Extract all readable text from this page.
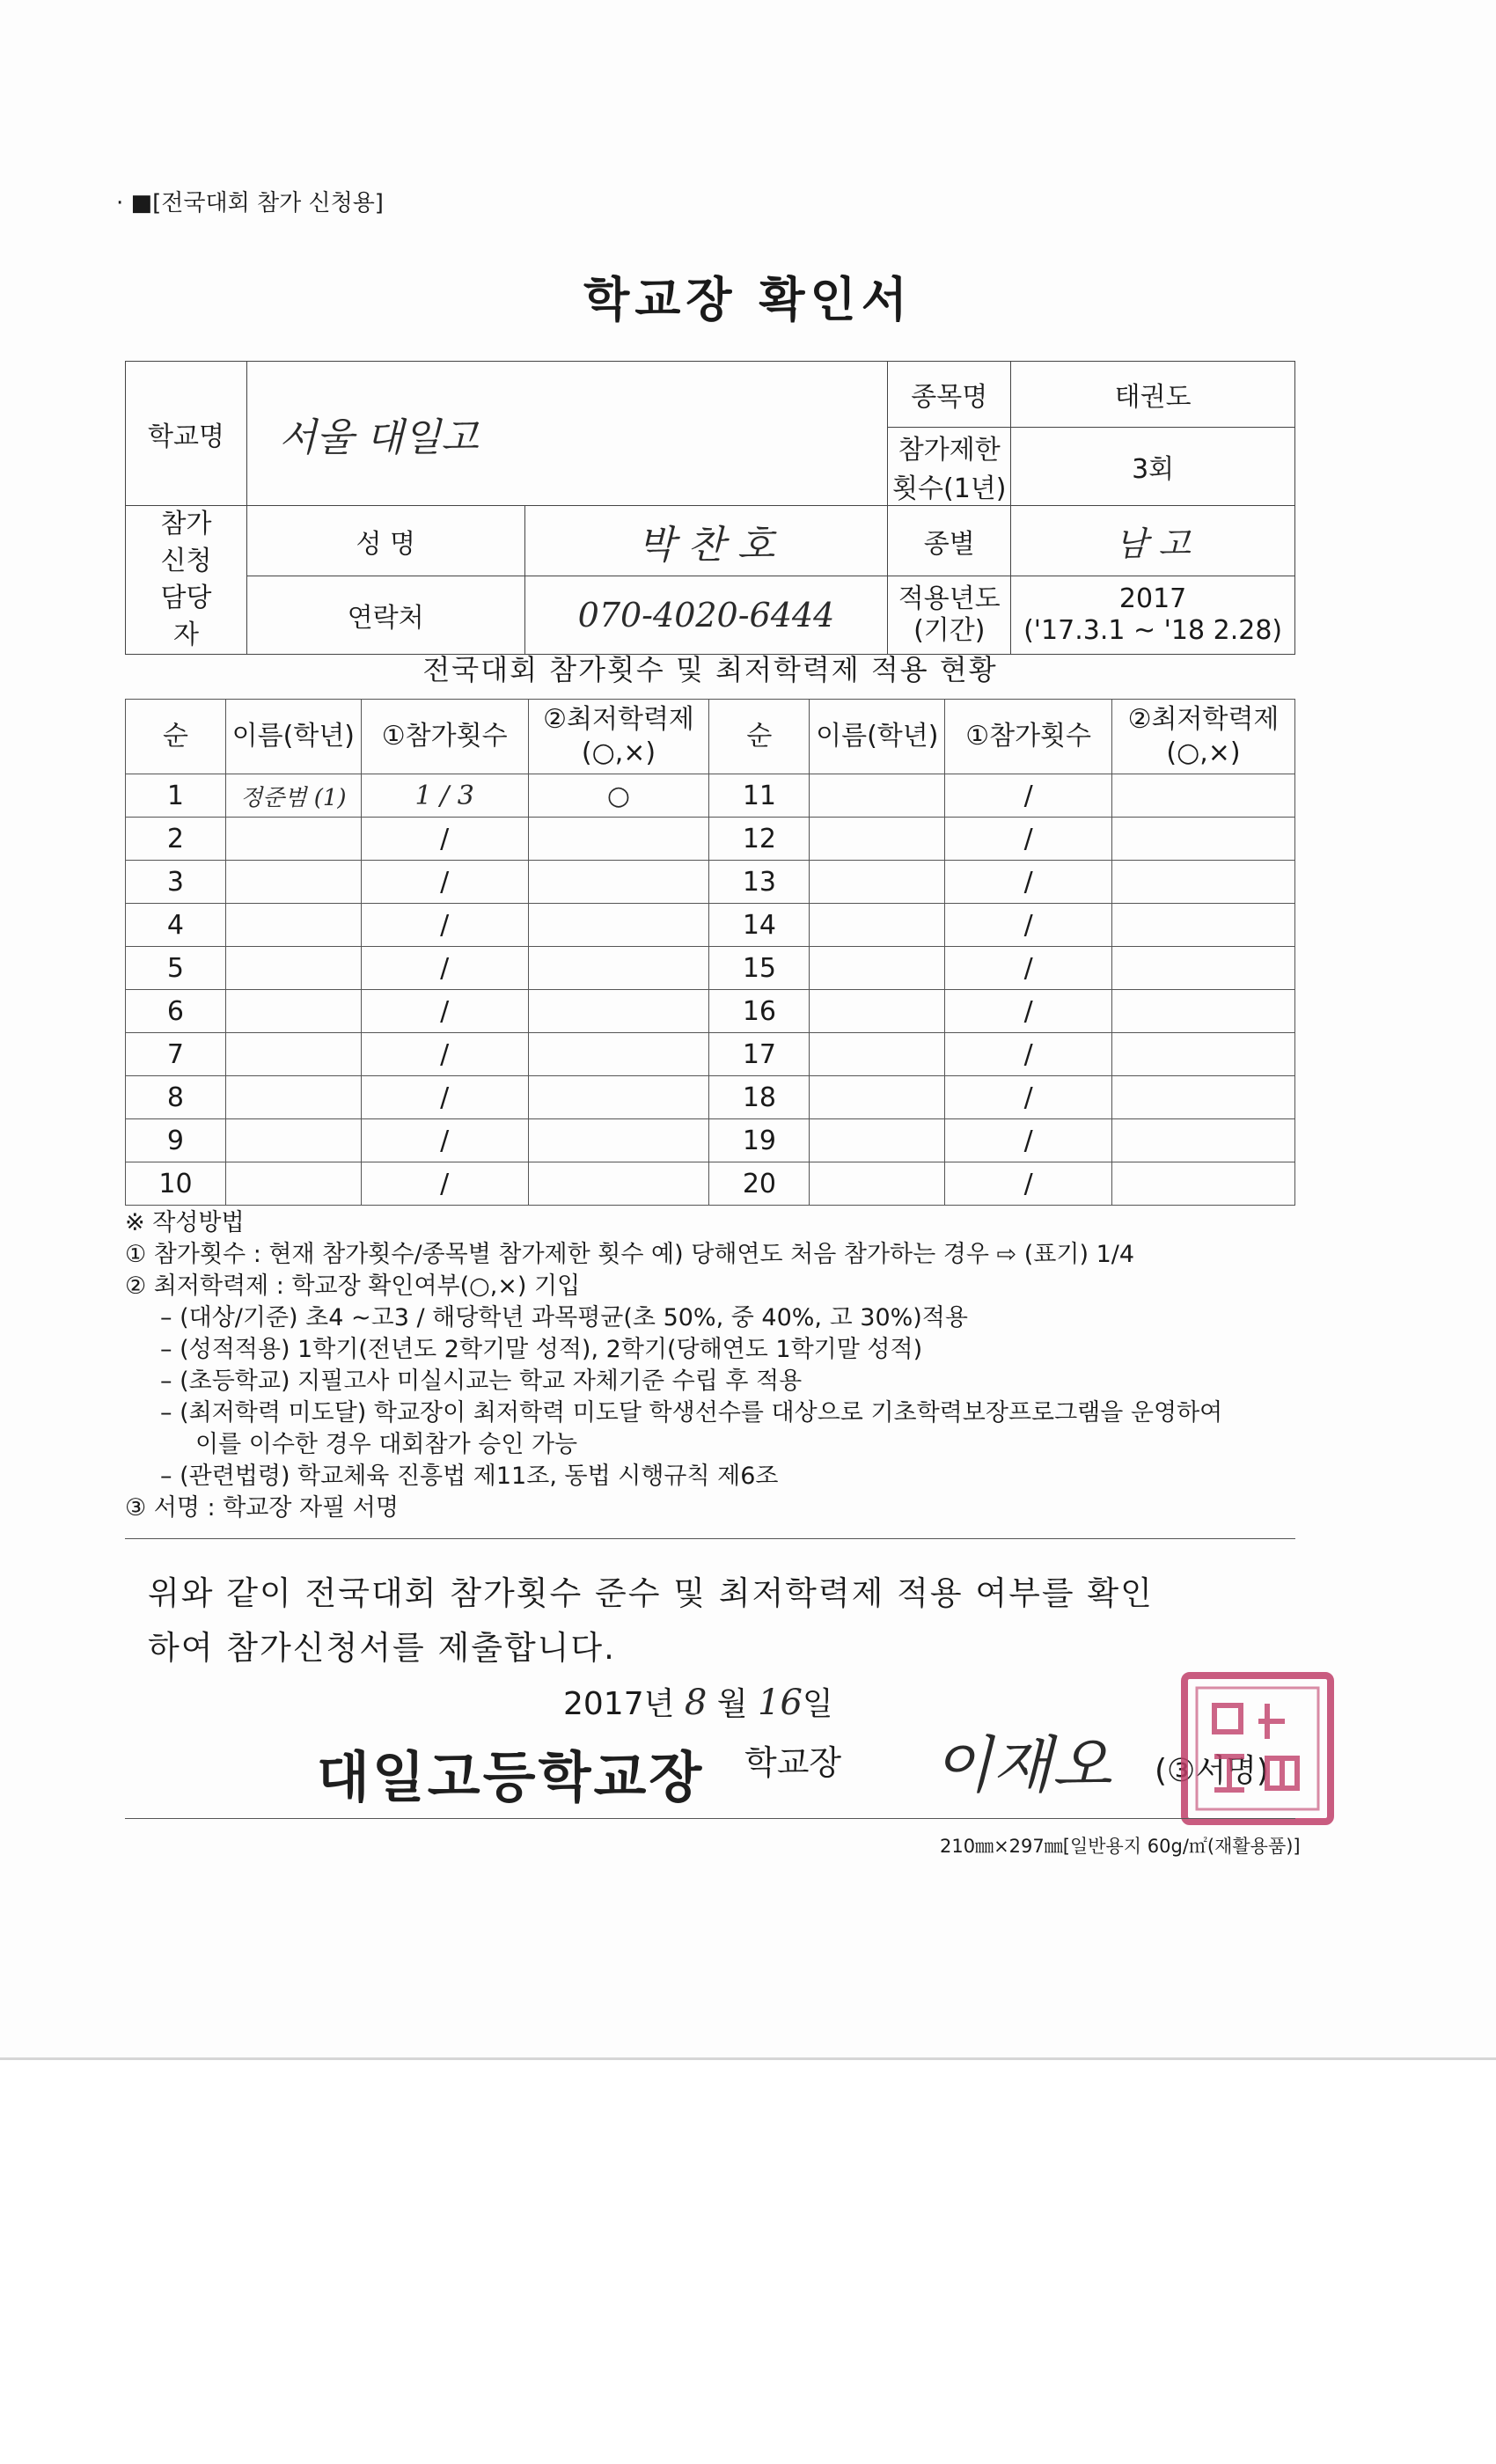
· ■[전국대회 참가 신청용]
학교장 확인서
학교명	서울 대일고		종목명	태권도
			참가제한 횟수(1년)	3회
참가 신청 담당자	성 명	박 찬 호	종별	남 고
	연락처	070-4020-6444	적용년도 (기간)	2017
('17.3.1 ~ '18 2.28)
전국대회 참가횟수 및 최저학력제 적용 현황
순	이름(학년)	①참가횟수	②최저학력제 (○,×)	순	이름(학년)	①참가횟수	②최저학력제 (○,×)
1	정준범 (1)	1 / 3	○	11		/	
2		/		12		/	
3		/		13		/	
4		/		14		/	
5		/		15		/	
6		/		16		/	
7		/		17		/	
8		/		18		/	
9		/		19		/	
10		/		20		/	
※ 작성방법
① 참가횟수 : 현재 참가횟수/종목별 참가제한 횟수 예) 당해연도 처음 참가하는 경우 ⇨ (표기) 1/4
② 최저학력제 : 학교장 확인여부(○,×) 기입
– (대상/기준) 초4 ~고3 / 해당학년 과목평균(초 50%, 중 40%, 고 30%)적용
– (성적적용) 1학기(전년도 2학기말 성적), 2학기(당해연도 1학기말 성적)
– (초등학교) 지필고사 미실시교는 학교 자체기준 수립 후 적용
– (최저학력 미도달) 학교장이 최저학력 미도달 학생선수를 대상으로 기초학력보장프로그램을 운영하여
이를 이수한 경우 대회참가 승인 가능
– (관련법령) 학교체육 진흥법 제11조, 동법 시행규칙 제6조
③ 서명 : 학교장 자필 서명
위와 같이 전국대회 참가횟수 준수 및 최저학력제 적용 여부를 확인
하여 참가신청서를 제출합니다.
2017년 8 월 16일
대일고등학교장 학교장 이재오 (③서명)
210㎜×297㎜[일반용지 60g/㎡(재활용품)]
